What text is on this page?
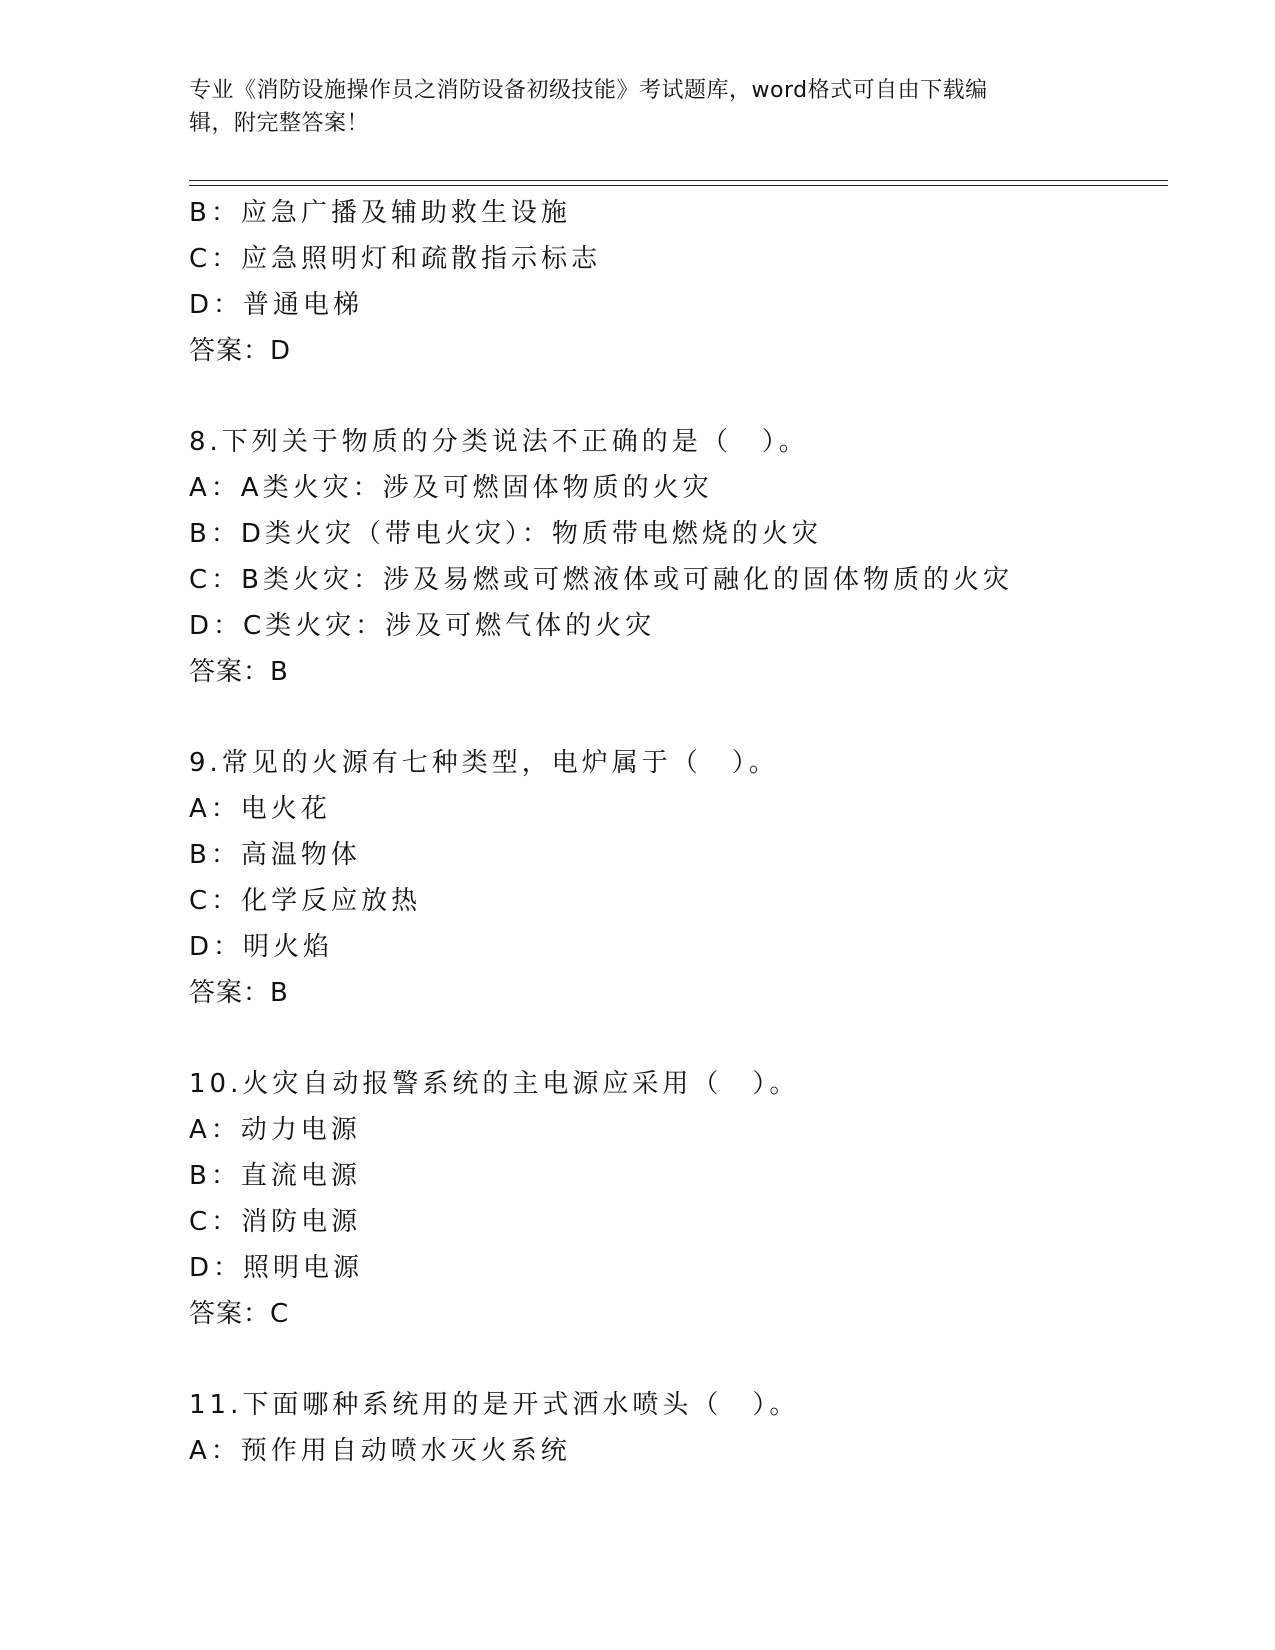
专业《消防设施操作员之消防设备初级技能》考试题库，word格式可自由下载编
辑，附完整答案！
B：应急广播及辅助救生设施
C：应急照明灯和疏散指示标志
D：普通电梯
答案：D
8.下列关于物质的分类说法不正确的是（　）。
A：A类火灾：涉及可燃固体物质的火灾
B：D类火灾（带电火灾）：物质带电燃烧的火灾
C：B类火灾：涉及易燃或可燃液体或可融化的固体物质的火灾
D：C类火灾：涉及可燃气体的火灾
答案：B
9.常见的火源有七种类型，电炉属于（　）。
A：电火花
B：高温物体
C：化学反应放热
D：明火焰
答案：B
10.火灾自动报警系统的主电源应采用（　）。
A：动力电源
B：直流电源
C：消防电源
D：照明电源
答案：C
11.下面哪种系统用的是开式洒水喷头（　）。
A：预作用自动喷水灭火系统
